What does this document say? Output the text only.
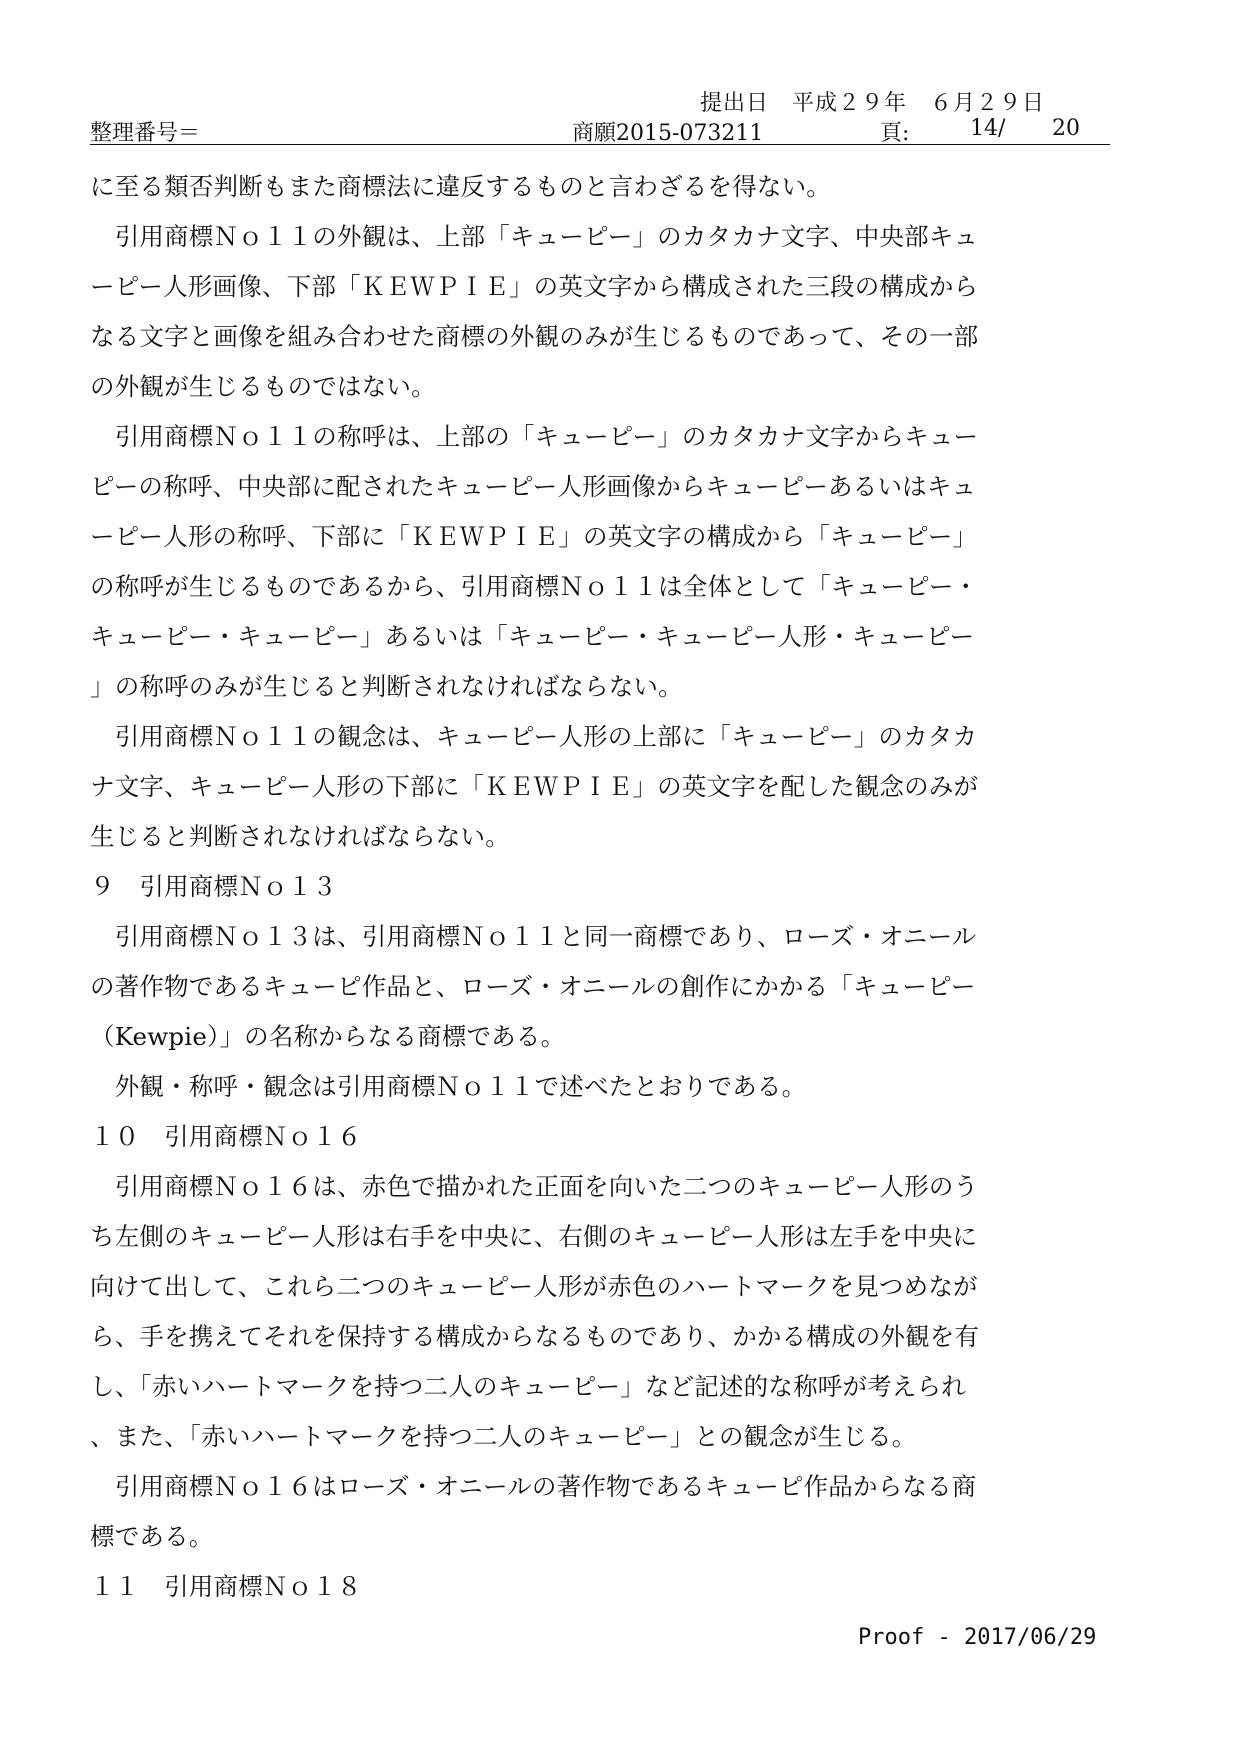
提出日　平成２９年　６月２９日
整理番号＝	商願2015-073211	頁:	14/ 20
に至る類否判断もまた商標法に違反するものと言わざるを得ない。
　引用商標Ｎｏ１１の外観は、上部「キューピー」のカタカナ文字、中央部キュ
ーピー人形画像、下部「ＫＥＷＰＩＥ」の英文字から構成された三段の構成から
なる文字と画像を組み合わせた商標の外観のみが生じるものであって、その一部
の外観が生じるものではない。
　引用商標Ｎｏ１１の称呼は、上部の「キューピー」のカタカナ文字からキュー
ピーの称呼、中央部に配されたキューピー人形画像からキューピーあるいはキュ
ーピー人形の称呼、下部に「ＫＥＷＰＩＥ」の英文字の構成から「キューピー」
の称呼が生じるものであるから、引用商標Ｎｏ１１は全体として「キューピー・
キューピー・キューピー」あるいは「キューピー・キューピー人形・キューピー
」の称呼のみが生じると判断されなければならない。
　引用商標Ｎｏ１１の観念は、キューピー人形の上部に「キューピー」のカタカ
ナ文字、キューピー人形の下部に「ＫＥＷＰＩＥ」の英文字を配した観念のみが
生じると判断されなければならない。
９　引用商標Ｎｏ１３
　引用商標Ｎｏ１３は、引用商標Ｎｏ１１と同一商標であり、ローズ・オニール
の著作物であるキューピ作品と、ローズ・オニールの創作にかかる「キューピー
（Kewpie）」の名称からなる商標である。
　外観・称呼・観念は引用商標Ｎｏ１１で述べたとおりである。
１０　引用商標Ｎｏ１６
　引用商標Ｎｏ１６は、赤色で描かれた正面を向いた二つのキューピー人形のう
ち左側のキューピー人形は右手を中央に、右側のキューピー人形は左手を中央に
向けて出して、これら二つのキューピー人形が赤色のハートマークを見つめなが
ら、手を携えてそれを保持する構成からなるものであり、かかる構成の外観を有
し、「赤いハートマークを持つ二人のキューピー」など記述的な称呼が考えられ
、また、「赤いハートマークを持つ二人のキューピー」との観念が生じる。
　引用商標Ｎｏ１６はローズ・オニールの著作物であるキューピ作品からなる商
標である。
１１　引用商標Ｎｏ１８
Proof - 2017/06/29
